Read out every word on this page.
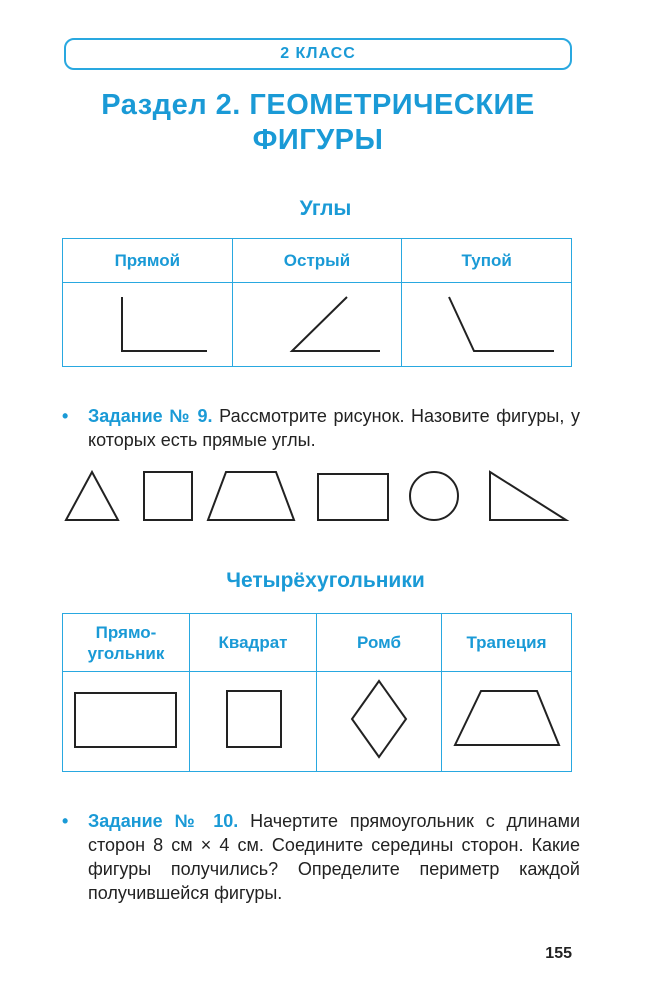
2 КЛАСС
Раздел 2. ГЕОМЕТРИЧЕСКИЕ
ФИГУРЫ
Углы
Прямой	Острый	Тупой

• Задание № 9. Рассмотрите рисунок. Назовите фигуры, у которых есть прямые углы.
Четырёхугольники
Прямо-
угольник	Квадрат	Ромб	Трапеция

• Задание № 10. Начертите прямоугольник с длинами сторон 8 см × 4 см. Соедините середины сторон. Какие фигуры получились? Определите периметр каждой получившейся фигуры.
155
